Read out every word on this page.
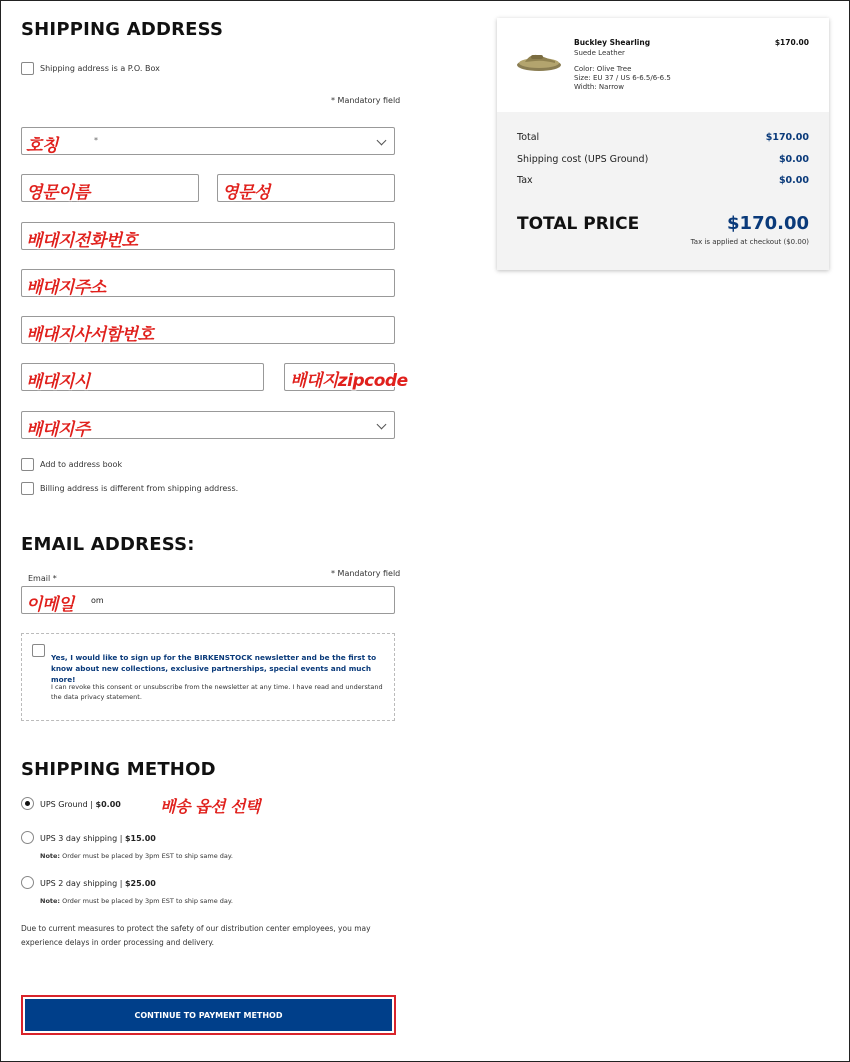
SHIPPING ADDRESS
Shipping address is a P.O. Box
* Mandatory field
호칭	*
영문이름	영문성
배대지전화번호
배대지주소
배대지사서함번호
배대지시	배대지zipcode
배대지주
Add to address book
Billing address is different from shipping address.
EMAIL ADDRESS:
* Mandatory field
Email *
이메일 om
Yes, I would like to sign up for the BIRKENSTOCK newsletter and be the first to know about new collections, exclusive partnerships, special events and much more!
I can revoke this consent or unsubscribe from the newsletter at any time. I have read and understand the data privacy statement.
SHIPPING METHOD
UPS Ground | $0.00 배송 옵션 선택
UPS 3 day shipping | $15.00
Note: Order must be placed by 3pm EST to ship same day.
UPS 2 day shipping | $25.00
Note: Order must be placed by 3pm EST to ship same day.
Due to current measures to protect the safety of our distribution center employees, you may experience delays in order processing and delivery.
CONTINUE TO PAYMENT METHOD
Buckley Shearling
Suede Leather
$170.00
Color: Olive Tree
Size: EU 37 / US 6-6.5/6-6.5
Width: Narrow
Total	$170.00
Shipping cost (UPS Ground)	$0.00
Tax	$0.00
TOTAL PRICE	$170.00
Tax is applied at checkout ($0.00)
